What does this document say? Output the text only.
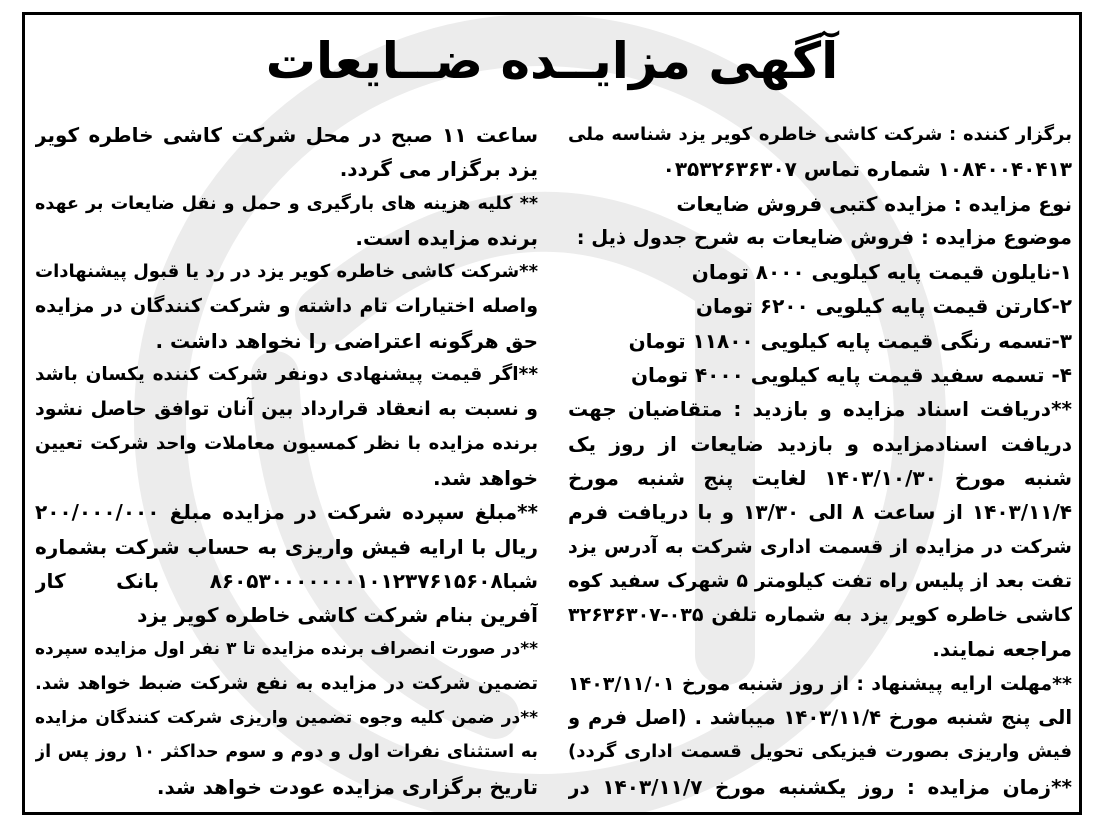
آگهی مزایــده ضــایعات
برگزار کننده : شرکت کاشی خاطره کویر یزد شناسه ملی
۱۰۸۴۰۰۴۰۴۱۳ شماره تماس ۰۳۵۳۲۶۳۶۳۰۷
نوع مزایده : مزایده کتبی فروش ضایعات
موضوع مزایده : فروش ضایعات به شرح جدول ذیل :
۱-نایلون قیمت پایه کیلویی ۸۰۰۰ تومان
۲-کارتن قیمت پایه کیلویی ۶۲۰۰ تومان
۳-تسمه رنگی قیمت پایه کیلویی ۱۱۸۰۰ تومان
۴- تسمه سفید قیمت پایه کیلویی ۴۰۰۰ تومان
**دریافت اسناد مزایده و بازدید : متقاضیان جهت
دریافت اسنادمزایده و بازدید ضایعات از روز یک
شنبه مورخ ۱۴۰۳/۱۰/۳۰ لغایت پنج شنبه مورخ
۱۴۰۳/۱۱/۴ از ساعت ۸ الی ۱۳/۳۰ و با دریافت فرم
شرکت در مزایده از قسمت اداری شرکت به آدرس یزد
تفت بعد از پلیس راه تفت کیلومتر ۵ شهرک سفید کوه
کاشی خاطره کویر یزد به شماره تلفن ۰۳۵-۳۲۶۳۶۳۰۷
مراجعه نمایند.
**مهلت ارایه پیشنهاد : از روز شنبه مورخ ۱۴۰۳/۱۱/۰۱
الی پنج شنبه مورخ ۱۴۰۳/۱۱/۴ میباشد . (اصل فرم و
فیش واریزی بصورت فیزیکی تحویل قسمت اداری گردد)
**زمان مزایده : روز یکشنبه مورخ ۱۴۰۳/۱۱/۷ در
ساعت ۱۱ صبح در محل شرکت کاشی خاطره کویر
یزد برگزار می گردد.
** کلیه هزینه های بارگیری و حمل و نقل ضایعات بر عهده
برنده مزایده است.
**شرکت کاشی خاطره کویر یزد در رد یا قبول پیشنهادات
واصله اختیارات تام داشته و شرکت کنندگان در مزایده
حق هرگونه اعتراضی را نخواهد داشت .
**اگر قیمت پیشنهادی دونفر شرکت کننده یکسان باشد
و نسبت به انعقاد قرارداد بین آنان توافق حاصل نشود
برنده مزایده با نظر کمسیون معاملات واحد شرکت تعیین
خواهد شد.
**مبلغ سپرده شرکت در مزایده مبلغ ۲۰۰/۰۰۰/۰۰۰
ریال با ارایه فیش واریزی به حساب شرکت بشماره
شبا۸۶۰۵۳۰۰۰۰۰۰۰۱۰۱۲۳۷۶۱۵۶۰۸ بانک کار
آفرین بنام شرکت کاشی خاطره کویر یزد
**در صورت انصراف برنده مزایده تا ۳ نفر اول مزایده سپرده
تضمین شرکت در مزایده به نفع شرکت ضبط خواهد شد.
**در ضمن کلیه وجوه تضمین واریزی شرکت کنندگان مزایده
به استثنای نفرات اول و دوم و سوم حداکثر ۱۰ روز پس از
تاریخ برگزاری مزایده عودت خواهد شد.
